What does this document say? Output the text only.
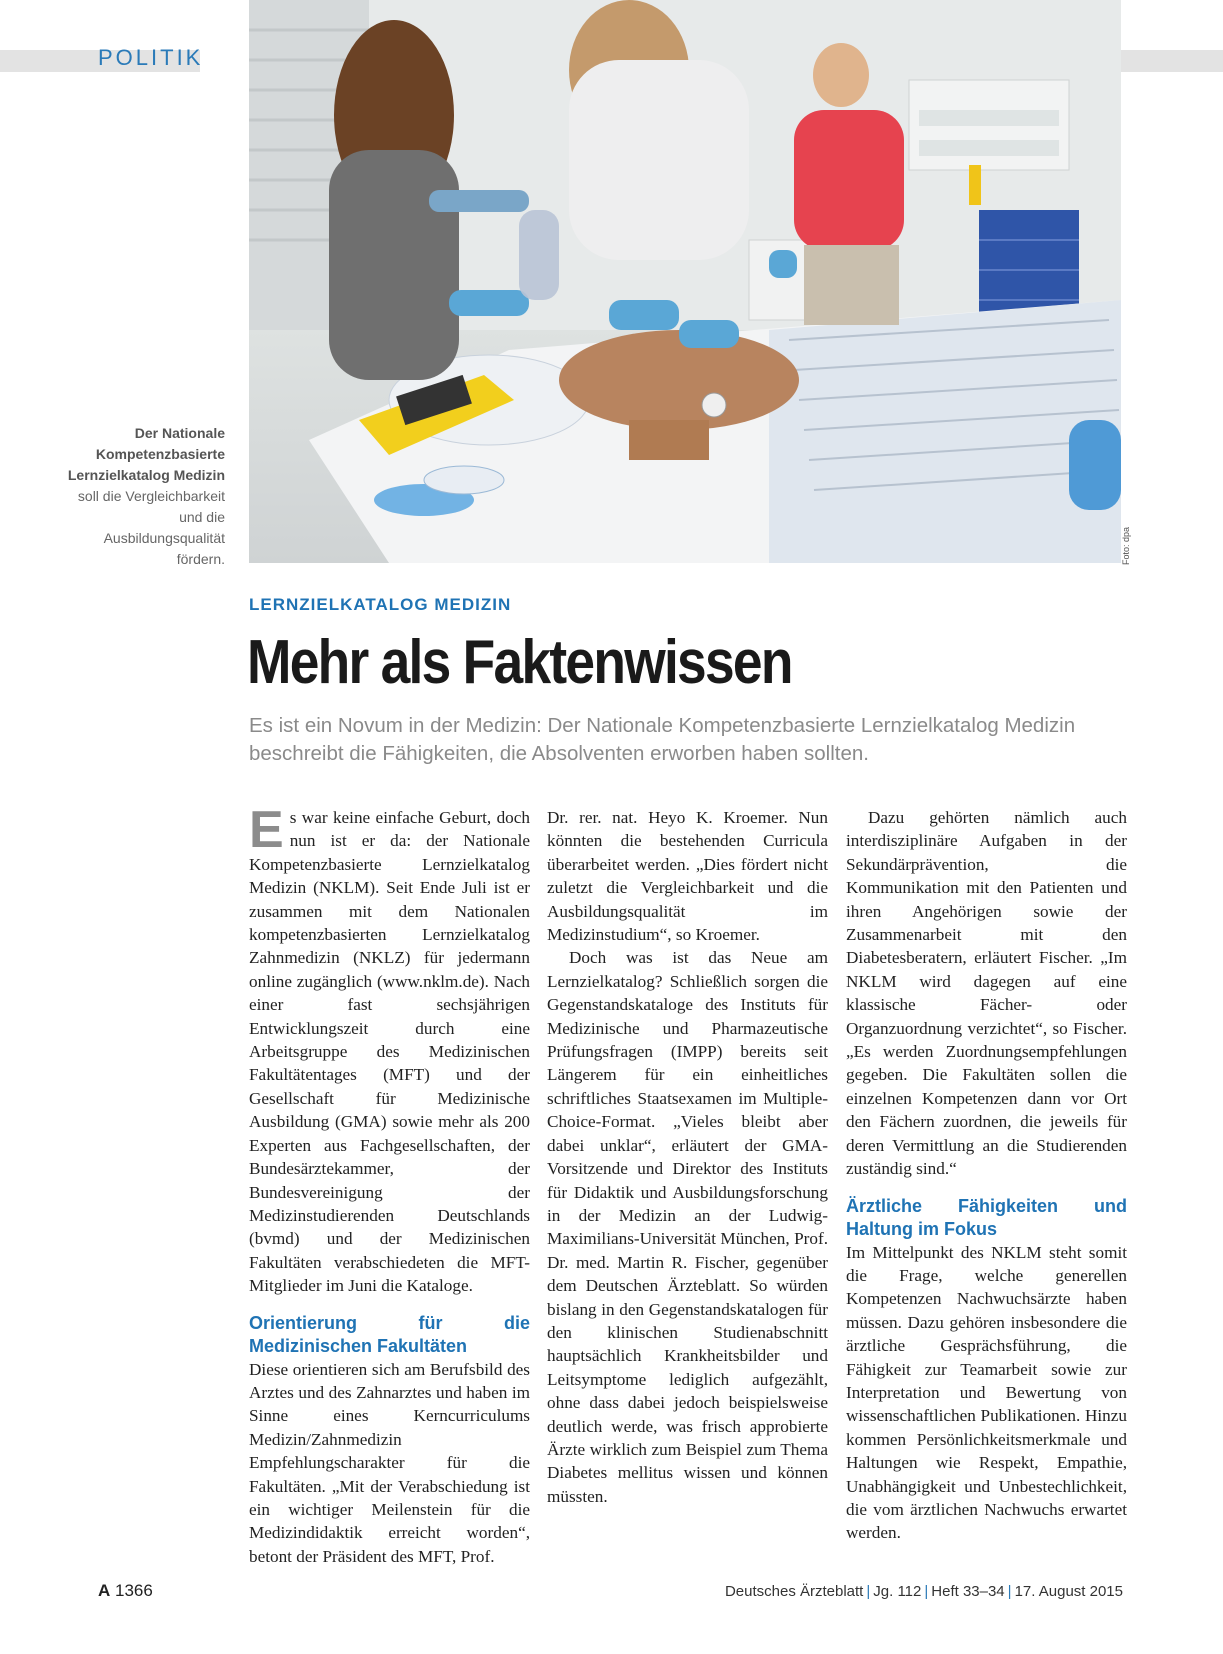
POLITIK
Foto: dpa
Der Nationale Kompetenzbasierte Lernzielkatalog Medizin soll die Vergleichbarkeit und die Ausbildungsqualität fördern.
LERNZIELKATALOG MEDIZIN
Mehr als Faktenwissen
Es ist ein Novum in der Medizin: Der Nationale Kompetenzbasierte Lernzielkatalog Medizin beschreibt die Fähigkeiten, die Absolventen erworben haben sollten.

Es war keine einfache Geburt, doch nun ist er da: der Nationale Kompetenzbasierte Lernzielkatalog Medizin (NKLM). Seit Ende Juli ist er zusammen mit dem Nationalen kompetenzbasierten Lernzielkatalog Zahnmedizin (NKLZ) für jedermann online zugänglich (www.nklm.de). Nach einer fast sechsjährigen Entwicklungszeit durch eine Arbeitsgruppe des Medizinischen Fakultätentages (MFT) und der Gesellschaft für Medizinische Ausbildung (GMA) sowie mehr als 200 Experten aus Fachgesellschaften, der Bundesärztekammer, der Bundesvereinigung der Medizinstudierenden Deutschlands (bvmd) und der Medizinischen Fakultäten verabschiedeten die MFT-Mitglieder im Juni die Kataloge.

Orientierung für die Medizinischen Fakultäten

Diese orientieren sich am Berufsbild des Arztes und des Zahnarztes und haben im Sinne eines Kerncurriculums Medizin/Zahnmedizin Empfehlungscharakter für die Fakultäten. „Mit der Verabschiedung ist ein wichtiger Meilenstein für die Medizindidaktik erreicht worden“, betont der Präsident des MFT, Prof.

Dr. rer. nat. Heyo K. Kroemer. Nun könnten die bestehenden Curricula überarbeitet werden. „Dies fördert nicht zuletzt die Vergleichbarkeit und die Ausbildungsqualität im Medizinstudium“, so Kroemer.

Doch was ist das Neue am Lernzielkatalog? Schließlich sorgen die Gegenstandskataloge des Instituts für Medizinische und Pharmazeutische Prüfungsfragen (IMPP) bereits seit Längerem für ein einheitliches schriftliches Staatsexamen im Multiple-Choice-Format. „Vieles bleibt aber dabei unklar“, erläutert der GMA-Vorsitzende und Direktor des Instituts für Didaktik und Ausbildungsforschung in der Medizin an der Ludwig-Maximilians-Universität München, Prof. Dr. med. Martin R. Fischer, gegenüber dem Deutschen Ärzteblatt. So würden bislang in den Gegenstandskatalogen für den klinischen Studienabschnitt hauptsächlich Krankheitsbilder und Leitsymptome lediglich aufgezählt, ohne dass dabei jedoch beispielsweise deutlich werde, was frisch approbierte Ärzte wirklich zum Beispiel zum Thema Diabetes mellitus wissen und können müssten.

Dazu gehörten nämlich auch interdisziplinäre Aufgaben in der Sekundärprävention, die Kommunikation mit den Patienten und ihren Angehörigen sowie der Zusammenarbeit mit den Diabetesberatern, erläutert Fischer. „Im NKLM wird dagegen auf eine klassische Fächer- oder Organzuordnung verzichtet“, so Fischer. „Es werden Zuordnungsempfehlungen gegeben. Die Fakultäten sollen die einzelnen Kompetenzen dann vor Ort den Fächern zuordnen, die jeweils für deren Vermittlung an die Studierenden zuständig sind.“

Ärztliche Fähigkeiten und Haltung im Fokus

Im Mittelpunkt des NKLM steht somit die Frage, welche generellen Kompetenzen Nachwuchsärzte haben müssen. Dazu gehören insbesondere die ärztliche Gesprächsführung, die Fähigkeit zur Teamarbeit sowie zur Interpretation und Bewertung von wissenschaftlichen Publikationen. Hinzu kommen Persönlichkeitsmerkmale und Haltungen wie Respekt, Empathie, Unabhängigkeit und Unbestechlichkeit, die vom ärztlichen Nachwuchs erwartet werden.

A 1366	Deutsches Ärzteblatt | Jg. 112 | Heft 33–34 | 17. August 2015
